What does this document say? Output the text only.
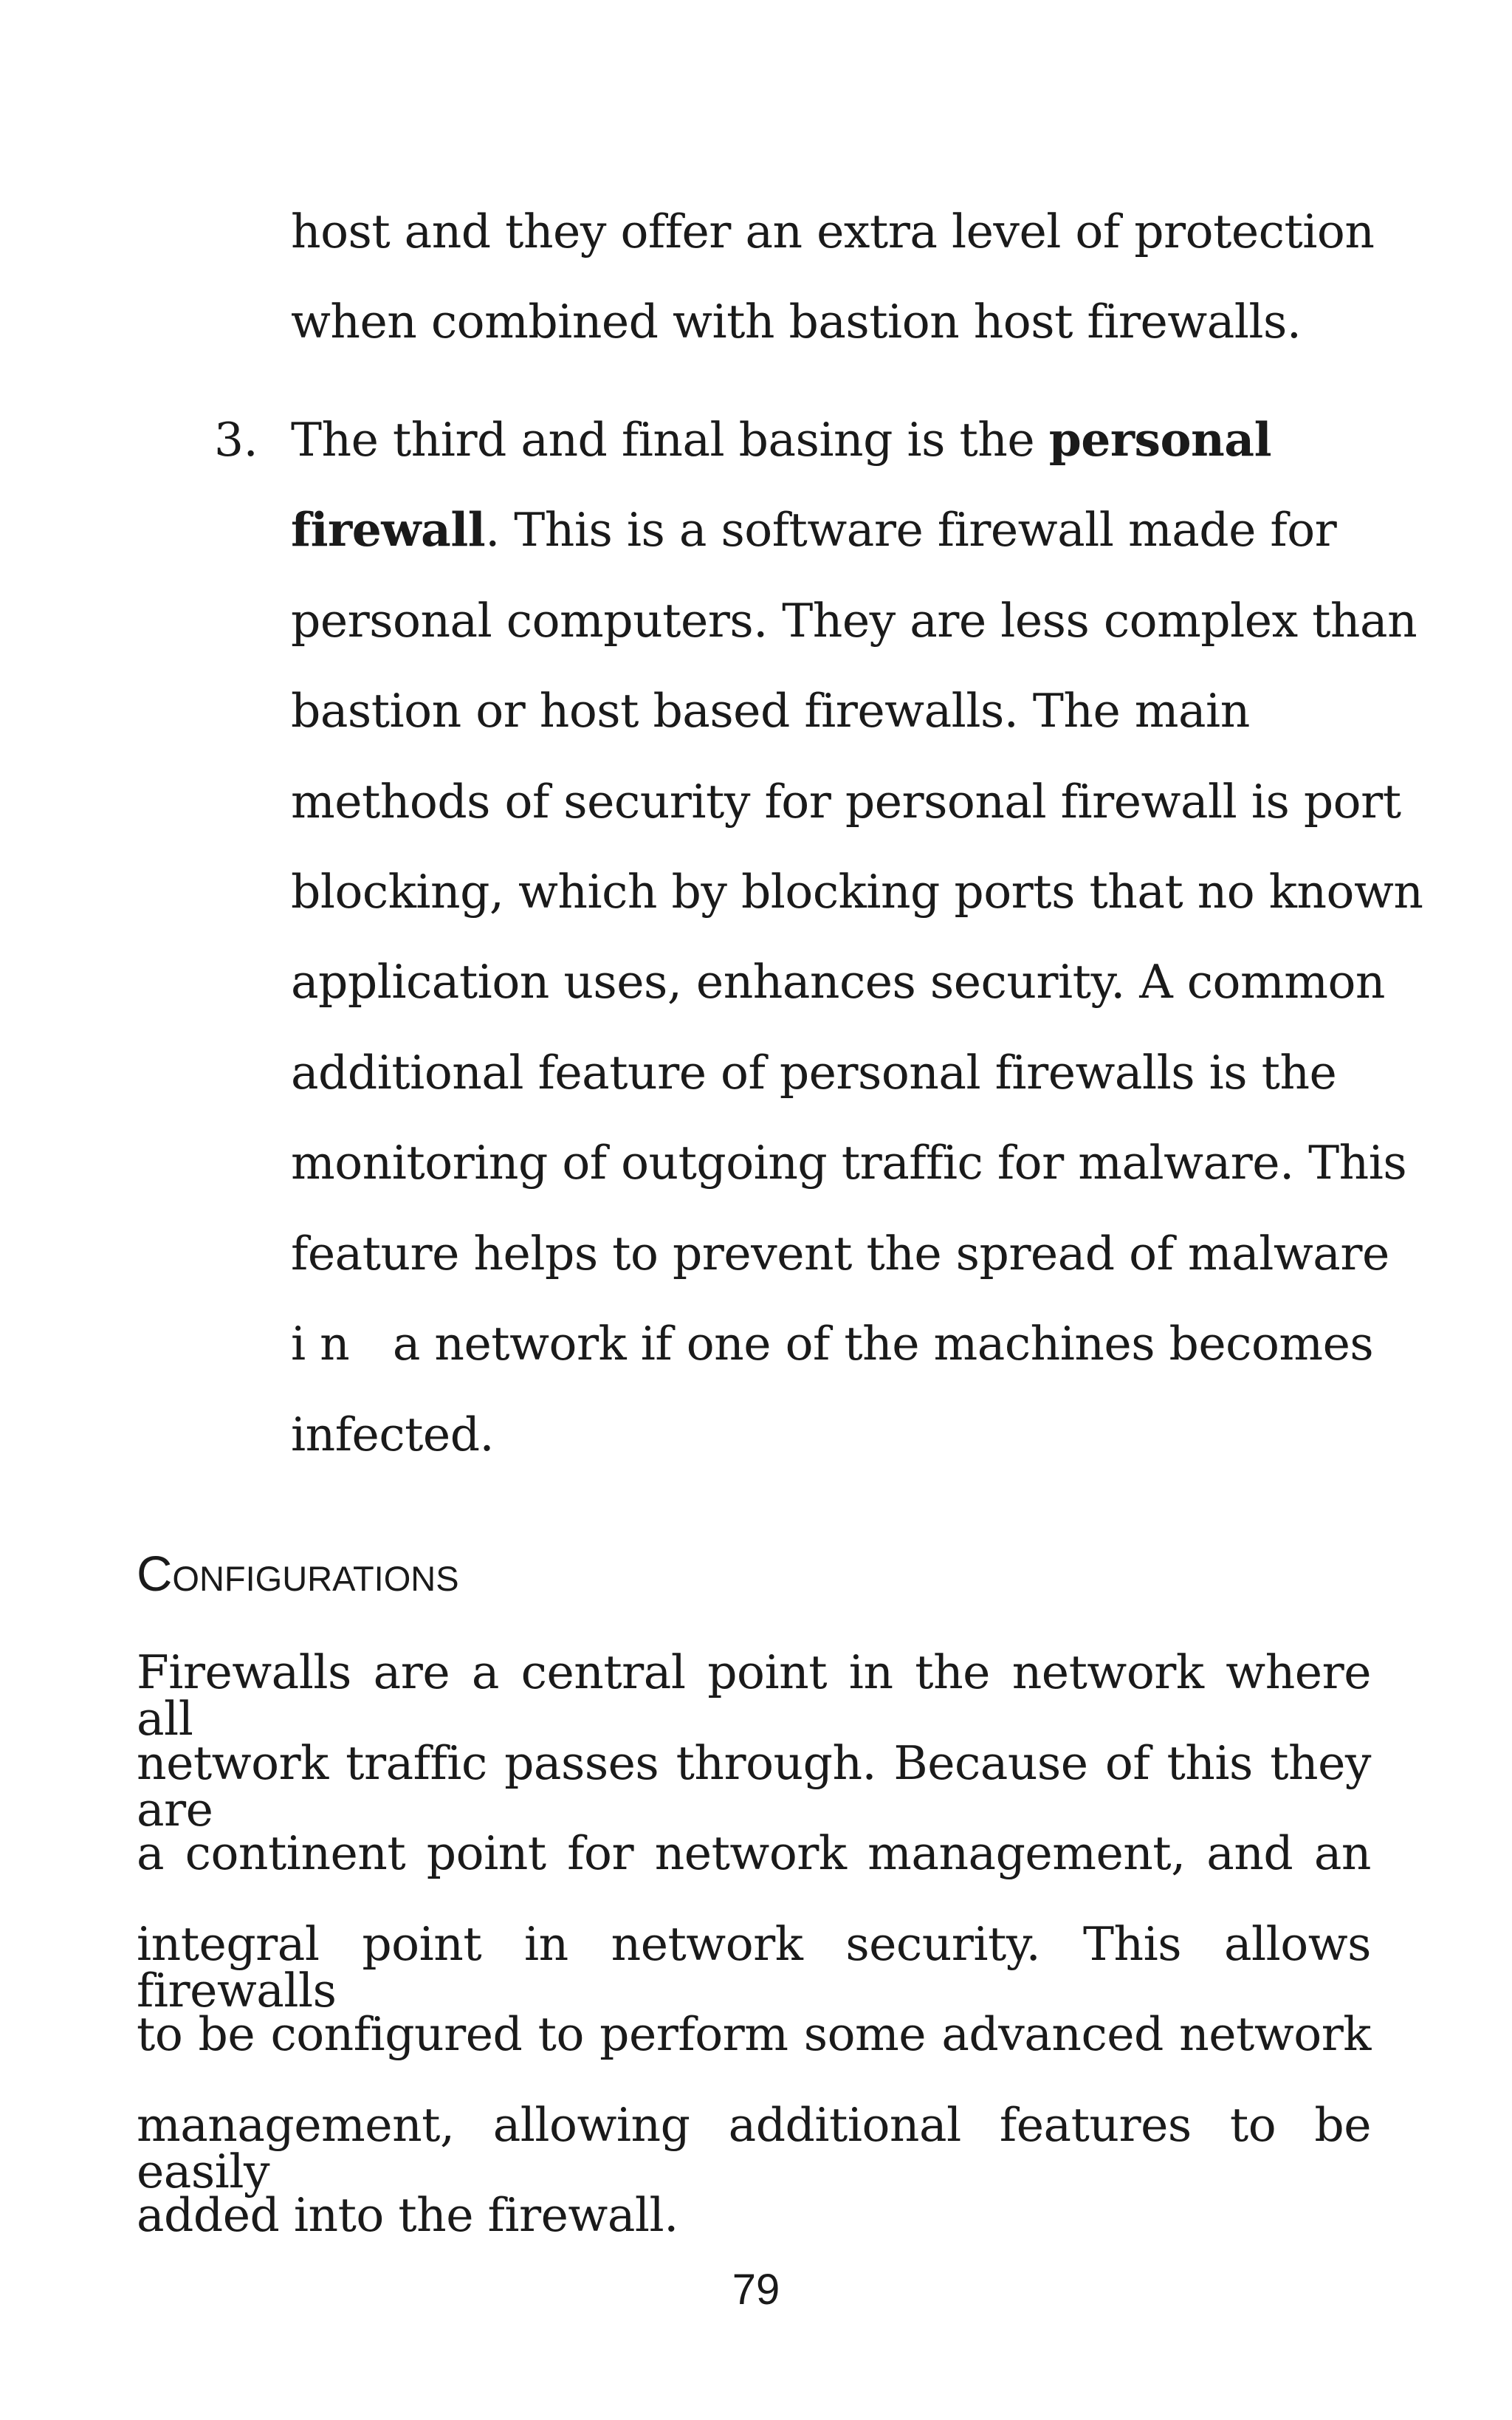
host and they offer an extra level of protection
when combined with bastion host firewalls.
3. The third and final basing is the personal
firewall. This is a software firewall made for
personal computers. They are less complex than
bastion or host based firewalls. The main
methods of security for personal firewall is port
blocking, which by blocking ports that no known
application uses, enhances security. A common
additional feature of personal firewalls is the
monitoring of outgoing traffic for malware. This
feature helps to prevent the spread of malware
i n   a network if one of the machines becomes
infected.
Configurations
Firewalls are a central point in the network where all
network traffic passes through. Because of this they are
a continent point for network management, and an
integral point in network security. This allows firewalls
to be configured to perform some advanced network
management, allowing additional features to be easily
added into the firewall.
79
